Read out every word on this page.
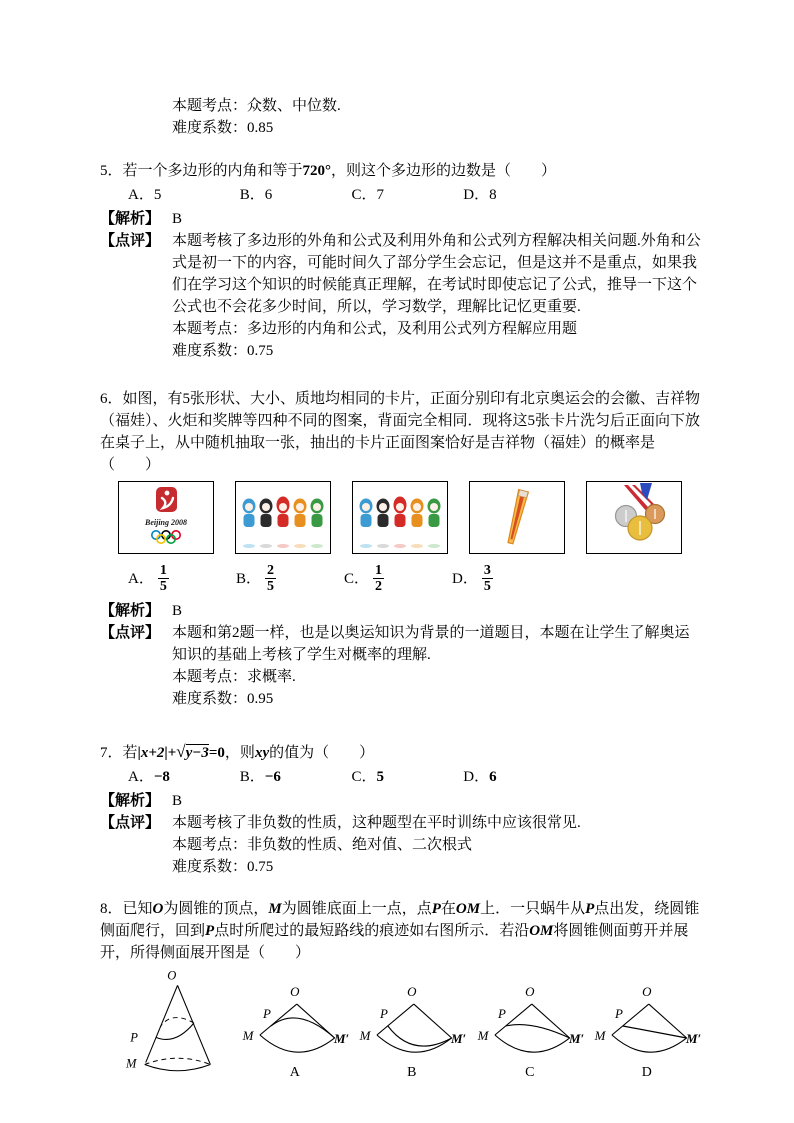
本题考点：众数、中位数.
难度系数：0.85

5．若一个多边形的内角和等于720°，则这个多边形的边数是（　　）

A．5	B．6	C．7	D．8
【解析】 B
【点评】 本题考核了多边形的外角和公式及利用外角和公式列方程解决相关问题.外角和公式是初一下的内容，可能时间久了部分学生会忘记，但是这并不是重点，如果我们在学习这个知识的时候能真正理解，在考试时即使忘记了公式，推导一下这个公式也不会花多少时间，所以，学习数学，理解比记忆更重要.
本题考点：多边形的内角和公式，及利用公式列方程解应用题
难度系数：0.75

6．如图，有5张形状、大小、质地均相同的卡片，正面分别印有北京奥运会的会徽、吉祥物（福娃）、火炬和奖牌等四种不同的图案，背面完全相同．现将这5张卡片洗匀后正面向下放在桌子上，从中随机抽取一张，抽出的卡片正面图案恰好是吉祥物（福娃）的概率是

（　　）
Beijing 2008
A． $\frac{1}{5}$	B． $\frac{2}{5}$	C． $\frac{1}{2}$	D． $\frac{3}{5}$
【解析】 B
【点评】 本题和第2题一样，也是以奥运知识为背景的一道题目，本题在让学生了解奥运知识的基础上考核了学生对概率的理解.
本题考点：求概率.
难度系数：0.95

7．若|x+2|+√y−3=0，则xy的值为（　　）

A．−8	B．−6	C．5	D．6
【解析】 B
【点评】 本题考核了非负数的性质，这种题型在平时训练中应该很常见.
本题考点：非负数的性质、绝对值、二次根式
难度系数：0.75

8．已知O为圆锥的顶点，M为圆锥底面上一点，点P在OM上．一只蜗牛从P点出发，绕圆锥侧面爬行，回到P点时所爬过的最短路线的痕迹如右图所示．若沿OM将圆锥侧面剪开并展开，所得侧面展开图是（　　）

O
P
M
O
P
M	M′
A
O
P
M	M′
B
O
P
M	M′
C
O
P
M	M′
D
